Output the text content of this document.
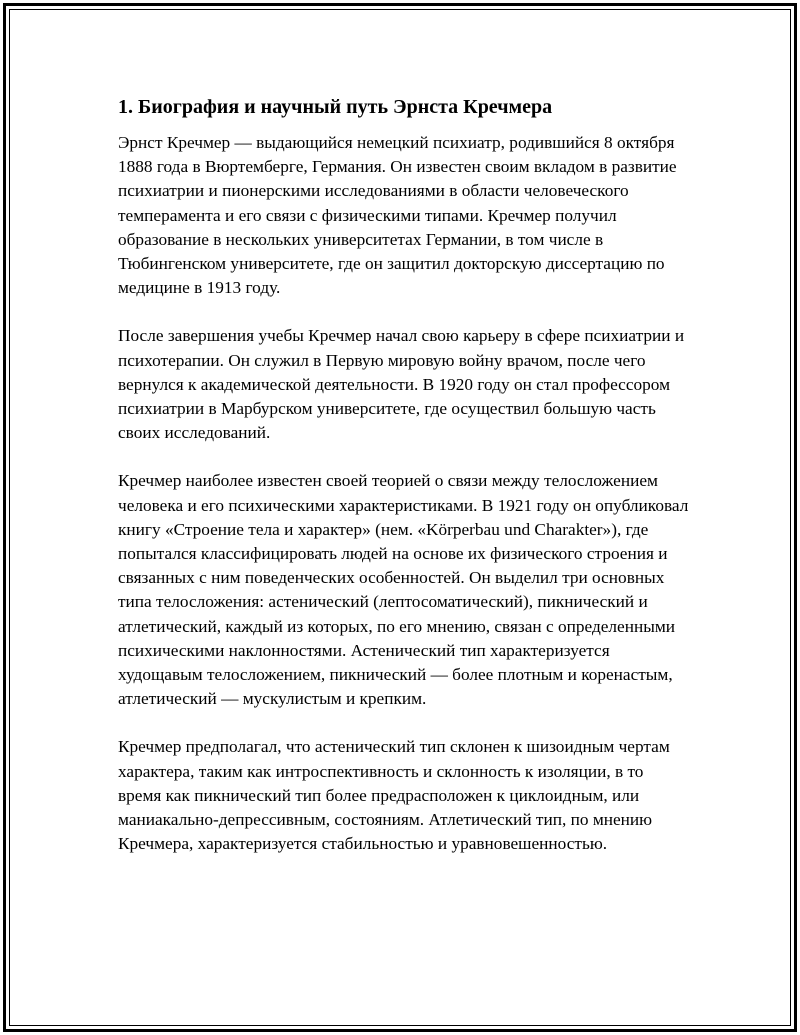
1. Биография и научный путь Эрнста Кречмера

Эрнст Кречмер — выдающийся немецкий психиатр, родившийся 8 октября 1888 года в Вюртемберге, Германия. Он известен своим вкладом в развитие психиатрии и пионерскими исследованиями в области человеческого темперамента и его связи с физическими типами. Кречмер получил образование в нескольких университетах Германии, в том числе в Тюбингенском университете, где он защитил докторскую диссертацию по медицине в 1913 году.

После завершения учебы Кречмер начал свою карьеру в сфере психиатрии и психотерапии. Он служил в Первую мировую войну врачом, после чего вернулся к академической деятельности. В 1920 году он стал профессором психиатрии в Марбурском университете, где осуществил большую часть своих исследований.

Кречмер наиболее известен своей теорией о связи между телосложением человека и его психическими характеристиками. В 1921 году он опубликовал книгу «Строение тела и характер» (нем. «Körperbau und Charakter»), где попытался классифицировать людей на основе их физического строения и связанных с ним поведенческих особенностей. Он выделил три основных типа телосложения: астенический (лептосоматический), пикнический и атлетический, каждый из которых, по его мнению, связан с определенными психическими наклонностями. Астенический тип характеризуется худощавым телосложением, пикнический — более плотным и коренастым, атлетический — мускулистым и крепким.

Кречмер предполагал, что астенический тип склонен к шизоидным чертам характера, таким как интроспективность и склонность к изоляции, в то время как пикнический тип более предрасположен к циклоидным, или маниакально-депрессивным, состояниям. Атлетический тип, по мнению Кречмера, характеризуется стабильностью и уравновешенностью.
